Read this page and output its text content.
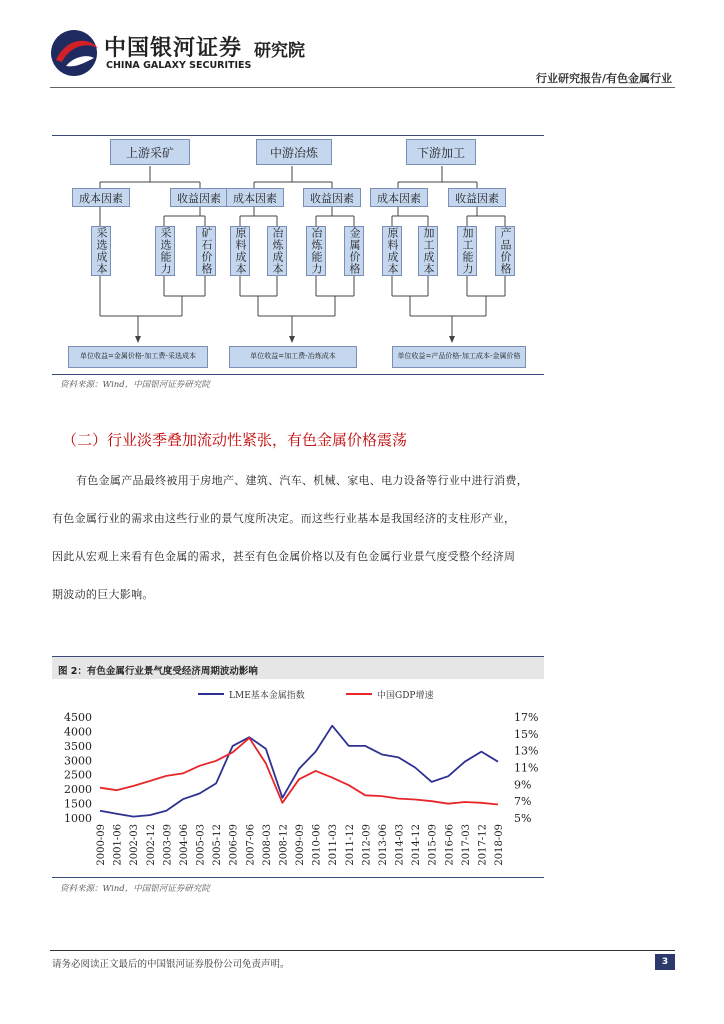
中国银河证券 研究院
CHINA GALAXY SECURITIES
行业研究报告/有色金属行业
上游采矿	中游冶炼	下游加工
成本因素	收益因素	成本因素	收益因素	成本因素	收益因素
采选成本	采选能力	矿石价格	原料成本	冶炼成本	冶炼能力	金属价格	原料成本	加工成本	加工能力	产品价格
单位收益=金属价格-加工费-采选成本	单位收益=加工费-冶炼成本	单位收益=产品价格-加工成本-金属价格
资料来源：Wind，中国银河证券研究院
（二）行业淡季叠加流动性紧张，有色金属价格震荡
有色金属产品最终被用于房地产、建筑、汽车、机械、家电、电力设备等行业中进行消费，
有色金属行业的需求由这些行业的景气度所决定。而这些行业基本是我国经济的支柱形产业，
因此从宏观上来看有色金属的需求，甚至有色金属价格以及有色金属行业景气度受整个经济周
期波动的巨大影响。
图 2：有色金属行业景气度受经济周期波动影响
LME基本金属指数	中国GDP增速
1000
1500
2000
2500
3000
3500
4000
4500
5%
7%
9%
11%
13%
15%
17%
2000-09 2001-06 2002-03 2002-12 2003-09 2004-06 2005-03 2005-12 2006-09 2007-06 2008-03 2008-12 2009-09 2010-06 2011-03 2011-12 2012-09 2013-06 2014-03 2014-12 2015-09 2016-06 2017-03 2017-12 2018-09
资料来源：Wind，中国银河证券研究院
请务必阅读正文最后的中国银河证券股份公司免责声明。	3
